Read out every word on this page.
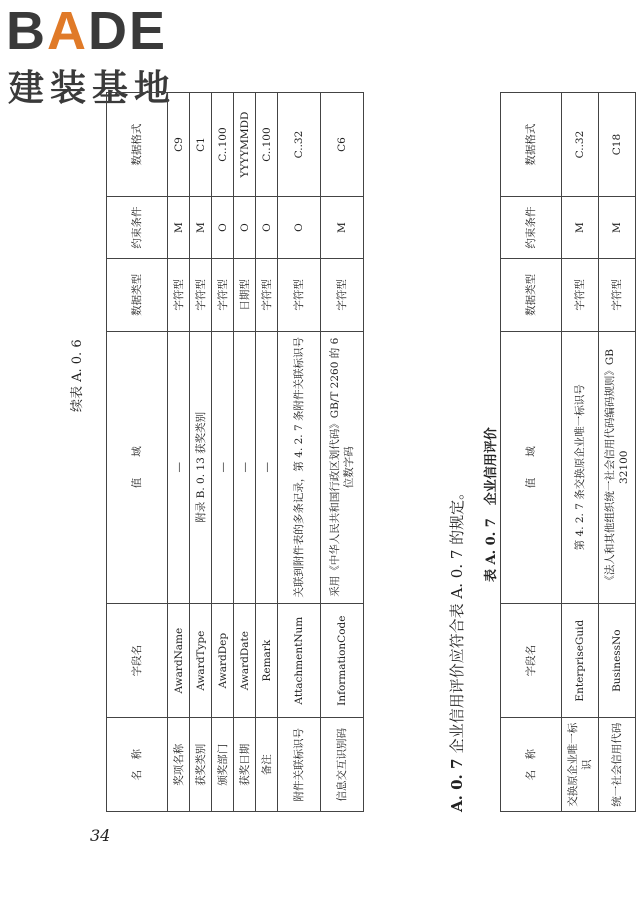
BADE
建装基地
34
续表 A. 0. 6
名　称	字段名	值　　域	数据类型	约束条件	数据格式
奖项名称	AwardName	—	字符型	M	C9
获奖类别	AwardType	附录 B. 0. 13 获奖类别	字符型	M	C1
颁奖部门	AwardDep	—	字符型	O	C..100
获奖日期	AwardDate	—	日期型	O	YYYYMMDD
备注	Remark	—	字符型	O	C..100
附件关联标识号	AttachmentNum	关联到附件表的多条记录，第 4. 2. 7 条附件关联标识号	字符型	O	C..32
信息交互识别码	InformationCode	采用《中华人民共和国行政区划代码》GB/T 2260 的 6 位数字码	字符型	M	C6
A. 0. 7 企业信用评价应符合表 A. 0. 7 的规定。	表 A. 0. 7　企业信用评价
名　称	字段名	值　　域	数据类型	约束条件	数据格式
交换原企业唯一标识	EnterpriseGuid	第 4. 2. 7 条交换原企业唯一标识号	字符型	M	C..32
统一社会信用代码	BusinessNo	《法人和其他组织统一社会信用代码编码规则》GB 32100	字符型	M	C18
